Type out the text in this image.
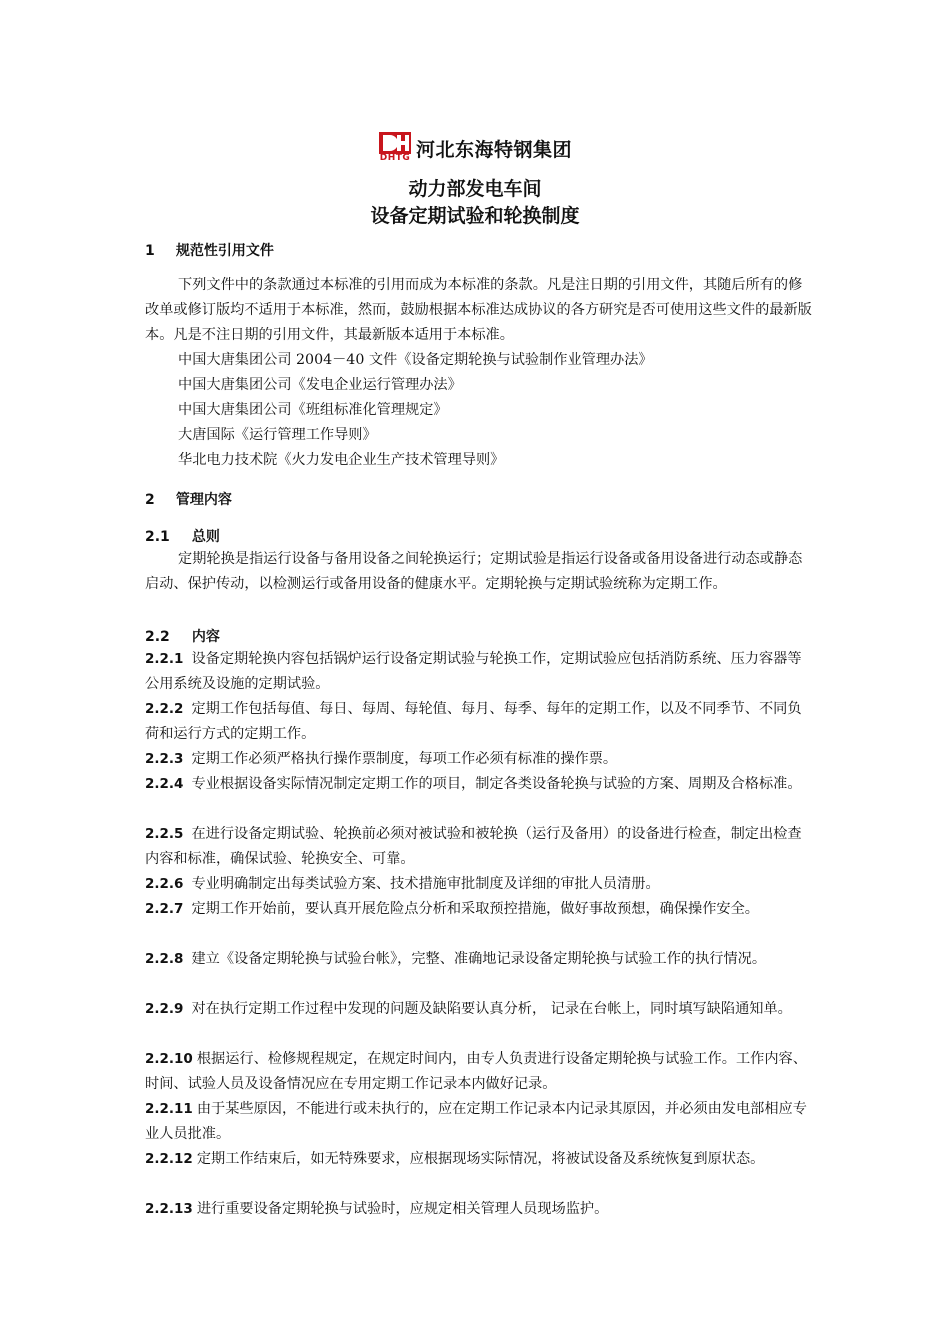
DHTG 河北东海特钢集团
动力部发电车间
设备定期试验和轮换制度
1 规范性引用文件
下列文件中的条款通过本标准的引用而成为本标准的条款。凡是注日期的引用文件，其随后所有的修改单或修订版均不适用于本标准，然而，鼓励根据本标准达成协议的各方研究是否可使用这些文件的最新版本。凡是不注日期的引用文件，其最新版本适用于本标准。
中国大唐集团公司 2004－40 文件《设备定期轮换与试验制作业管理办法》
中国大唐集团公司《发电企业运行管理办法》
中国大唐集团公司《班组标准化管理规定》
大唐国际《运行管理工作导则》
华北电力技术院《火力发电企业生产技术管理导则》
2 管理内容
2.1 总则
定期轮换是指运行设备与备用设备之间轮换运行；定期试验是指运行设备或备用设备进行动态或静态启动、保护传动，以检测运行或备用设备的健康水平。定期轮换与定期试验统称为定期工作。
2.2 内容
2.2.1 设备定期轮换内容包括锅炉运行设备定期试验与轮换工作，定期试验应包括消防系统、压力容器等公用系统及设施的定期试验。
2.2.2 定期工作包括每值、每日、每周、每轮值、每月、每季、每年的定期工作，以及不同季节、不同负荷和运行方式的定期工作。
2.2.3 定期工作必须严格执行操作票制度，每项工作必须有标准的操作票。
2.2.4 专业根据设备实际情况制定定期工作的项目，制定各类设备轮换与试验的方案、周期及合格标准。
2.2.5 在进行设备定期试验、轮换前必须对被试验和被轮换（运行及备用）的设备进行检查，制定出检查内容和标准，确保试验、轮换安全、可靠。
2.2.6 专业明确制定出每类试验方案、技术措施审批制度及详细的审批人员清册。
2.2.7 定期工作开始前，要认真开展危险点分析和采取预控措施，做好事故预想，确保操作安全。
2.2.8 建立《设备定期轮换与试验台帐》，完整、准确地记录设备定期轮换与试验工作的执行情况。
2.2.9 对在执行定期工作过程中发现的问题及缺陷要认真分析， 记录在台帐上，同时填写缺陷通知单。
2.2.10 根据运行、检修规程规定，在规定时间内，由专人负责进行设备定期轮换与试验工作。工作内容、时间、试验人员及设备情况应在专用定期工作记录本内做好记录。
2.2.11 由于某些原因，不能进行或未执行的，应在定期工作记录本内记录其原因，并必须由发电部相应专业人员批准。
2.2.12 定期工作结束后，如无特殊要求，应根据现场实际情况，将被试设备及系统恢复到原状态。
2.2.13 进行重要设备定期轮换与试验时，应规定相关管理人员现场监护。
